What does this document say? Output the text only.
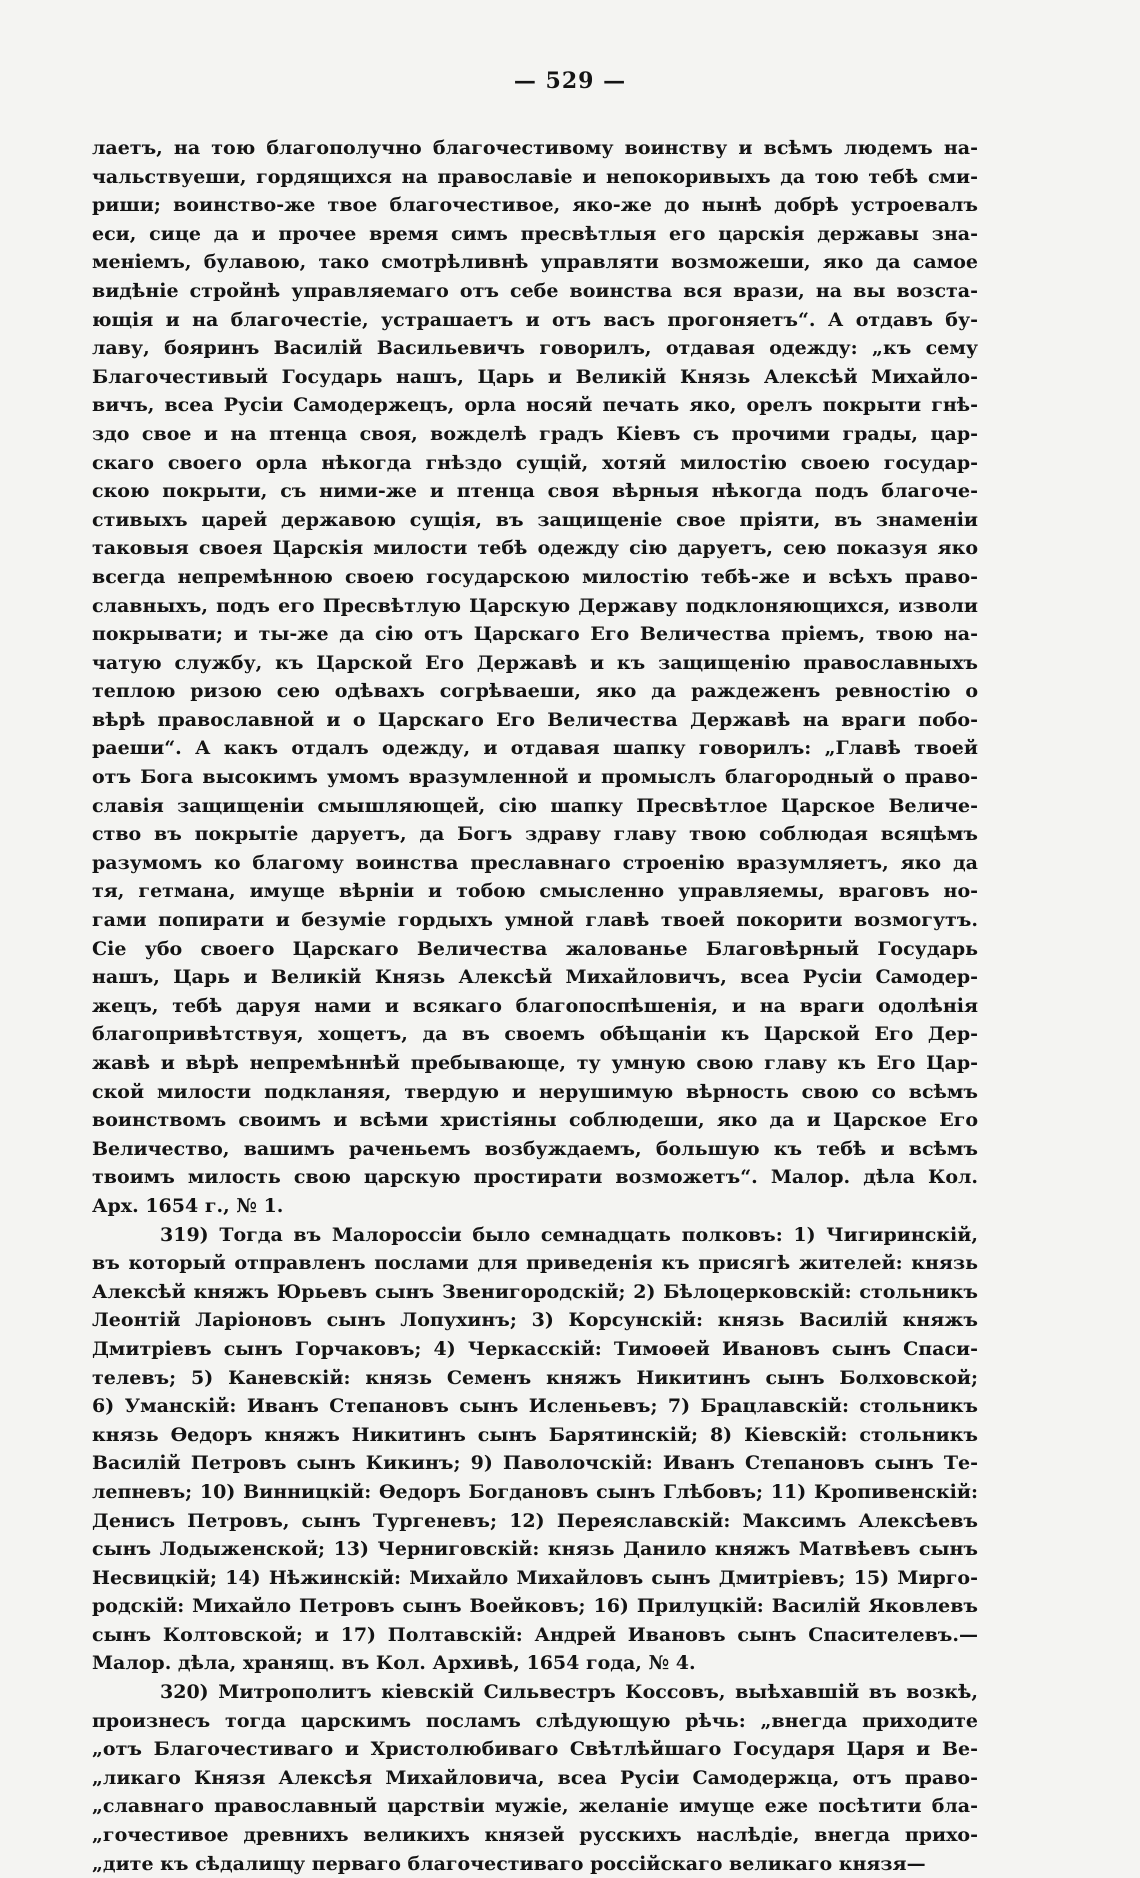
— 529 —
лаетъ, на тою благополучно благочестивому воинству и всѣмъ людемъ на-
чальствуеши, гордящихся на православіе и непокоривыхъ да тою тебѣ сми-
риши; воинство-же твое благочестивое, яко-же до нынѣ добрѣ устроевалъ
еси, сице да и прочее время симъ пресвѣтлыя его царскія державы зна-
меніемъ, булавою, тако смотрѣливнѣ управляти возможеши, яко да самое
видѣніе стройнѣ управляемаго отъ себе воинства вся врази, на вы возста-
ющія и на благочестіе, устрашаетъ и отъ васъ прогоняетъ“. А отдавъ бу-
лаву, бояринъ Василій Васильевичъ говорилъ, отдавая одежду: „къ сему
Благочестивый Государь нашъ, Царь и Великій Князь Алексѣй Михайло-
вичъ, всеа Русіи Самодержецъ, орла носяй печать яко, орелъ покрыти гнѣ-
здо свое и на птенца своя, вожделѣ градъ Кіевъ съ прочими грады, цар-
скаго своего орла нѣкогда гнѣздо сущій, хотяй милостію своею государ-
скою покрыти, съ ними-же и птенца своя вѣрныя нѣкогда подъ благоче-
стивыхъ царей державою сущія, въ защищеніе свое пріяти, въ знаменіи
таковыя своея Царскія милости тебѣ одежду сію даруетъ, сею показуя яко
всегда непремѣнною своею государскою милостію тебѣ-же и всѣхъ право-
славныхъ, подъ его Пресвѣтлую Царскую Державу подклоняющихся, изволи
покрывати; и ты-же да сію отъ Царскаго Его Величества пріемъ, твою на-
чатую службу, къ Царской Его Державѣ и къ защищенію православныхъ
теплою ризою сею одѣвахъ согрѣвaеши, яко да раждеженъ ревностію о
вѣрѣ православной и о Царскаго Его Величества Державѣ на враги побо-
раеши“. А какъ отдалъ одежду, и отдавая шапку говорилъ: „Главѣ твоей
отъ Бога высокимъ умомъ вразумленной и промыслъ благородный о право-
славія защищеніи смышляющей, сію шапку Пресвѣтлое Царское Величе-
ство въ покрытіе даруетъ, да Богъ здраву главу твою соблюдая всяцѣмъ
разумомъ ко благому воинства преславнаго строенію вразумляетъ, яко да
тя, гетмана, имуще вѣрніи и тобою смысленно управляемы, враговъ но-
гами попирати и безуміе гордыхъ умной главѣ твоей покорити возмогутъ.
Сіе убо своего Царскаго Величества жалованье Благовѣрный Государь
нашъ, Царь и Великій Князь Алексѣй Михайловичъ, всеа Русіи Самодер-
жецъ, тебѣ даруя нами и всякаго благопоспѣшенія, и на враги одолѣнія
благопривѣтствуя, хощетъ, да въ своемъ обѣщаніи къ Царской Его Дер-
жавѣ и вѣрѣ непремѣннѣй пребывающе, ту умную свою главу къ Его Цар-
ской милости подкланяя, твердую и нерушимую вѣрность свою со всѣмъ
воинствомъ своимъ и всѣми христіяны соблюдеши, яко да и Царское Его
Величество, вашимъ раченьемъ возбуждаемъ, большую къ тебѣ и всѣмъ
твоимъ милость свою царскую простирати возможетъ“. Малор. дѣла Кол.
Арх. 1654 г., № 1.
319) Тогда въ Малороссіи было семнадцать полковъ: 1) Чигиринскій,
въ который отправленъ послами для приведенія къ присягѣ жителей: князь
Алексѣй княжъ Юрьевъ сынъ Звенигородскій; 2) Бѣлоцерковскій: стольникъ
Леонтій Ларіоновъ сынъ Лопухинъ; 3) Корсунскій: князь Василій княжъ
Дмитріевъ сынъ Горчаковъ; 4) Черкасскій: Тимоѳей Ивановъ сынъ Спаси-
телевъ; 5) Каневскій: князь Семенъ княжъ Никитинъ сынъ Болховской;
6) Уманскій: Иванъ Степановъ сынъ Исленьевъ; 7) Брацлавскій: стольникъ
князь Ѳедоръ княжъ Никитинъ сынъ Барятинскій; 8) Кіевскій: стольникъ
Василій Петровъ сынъ Кикинъ; 9) Паволочскій: Иванъ Степановъ сынъ Те-
лепневъ; 10) Винницкій: Ѳедоръ Богдановъ сынъ Глѣбовъ; 11) Кропивенскій:
Денисъ Петровъ, сынъ Тургеневъ; 12) Переяславскій: Максимъ Алексѣевъ
сынъ Лодыженской; 13) Черниговскій: князь Данило княжъ Матвѣевъ сынъ
Несвицкій; 14) Нѣжинскій: Михайло Михайловъ сынъ Дмитріевъ; 15) Мирго-
родскій: Михайло Петровъ сынъ Воейковъ; 16) Прилуцкій: Василій Яковлевъ
сынъ Колтовской; и 17) Полтавскій: Андрей Ивановъ сынъ Спасителевъ.—
Малор. дѣла, хранящ. въ Кол. Архивѣ, 1654 года, № 4.
320) Митрополитъ кіевскій Сильвестръ Коссовъ, выѣхавшій въ возкѣ,
произнесъ тогда царскимъ посламъ слѣдующую рѣчь: „внегда приходите
„отъ Благочестиваго и Христолюбиваго Свѣтлѣйшаго Государя Царя и Ве-
„ликаго Князя Алексѣя Михайловича, всеа Русіи Самодержца, отъ право-
„славнаго православный царствіи мужіе, желаніе имуще еже посѣтити бла-
„гочестивое древнихъ великихъ князей русскихъ наслѣдіе, внегда прихо-
„дите къ сѣдалищу перваго благочестиваго россійскаго великаго князя—
